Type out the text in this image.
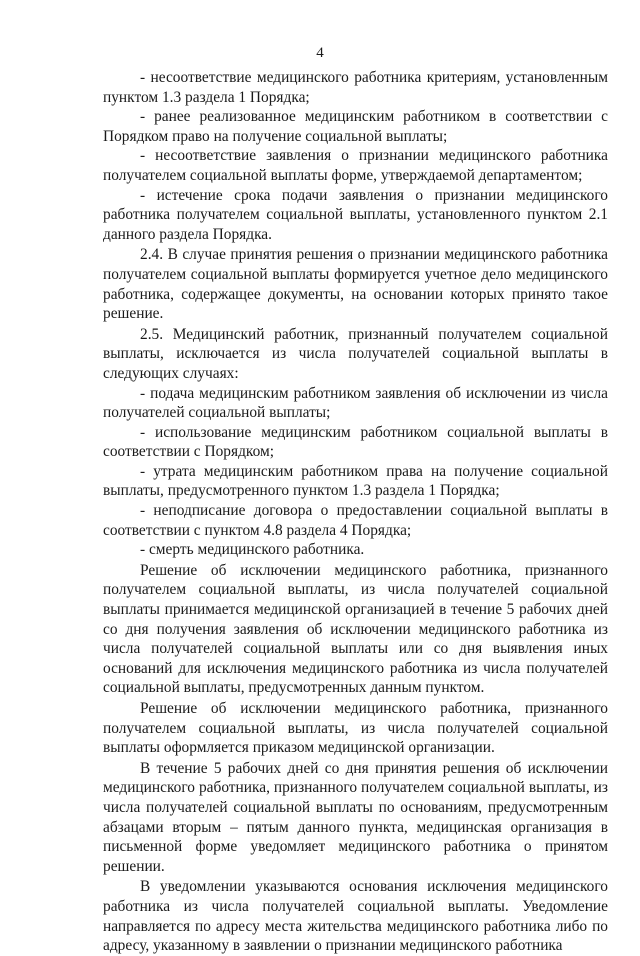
4

- несоответствие медицинского работника критериям, установленным пунктом 1.3 раздела 1 Порядка;

- ранее реализованное медицинским работником в соответствии с Порядком право на получение социальной выплаты;

- несоответствие заявления о признании медицинского работника получателем социальной выплаты форме, утверждаемой департаментом;

- истечение срока подачи заявления о признании медицинского работника получателем социальной выплаты, установленного пунктом 2.1 данного раздела Порядка.

2.4. В случае принятия решения о признании медицинского работника получателем социальной выплаты формируется учетное дело медицинского работника, содержащее документы, на основании которых принято такое решение.

2.5. Медицинский работник, признанный получателем социальной выплаты, исключается из числа получателей социальной выплаты в следующих случаях:

- подача медицинским работником заявления об исключении из числа получателей социальной выплаты;

- использование медицинским работником социальной выплаты в соответствии с Порядком;

- утрата медицинским работником права на получение социальной выплаты, предусмотренного пунктом 1.3 раздела 1 Порядка;

- неподписание договора о предоставлении социальной выплаты в соответствии с пунктом 4.8 раздела 4 Порядка;

- смерть медицинского работника.

Решение об исключении медицинского работника, признанного получателем социальной выплаты, из числа получателей социальной выплаты принимается медицинской организацией в течение 5 рабочих дней со дня получения заявления об исключении медицинского работника из числа получателей социальной выплаты или со дня выявления иных оснований для исключения медицинского работника из числа получателей социальной выплаты, предусмотренных данным пунктом.

Решение об исключении медицинского работника, признанного получателем социальной выплаты, из числа получателей социальной выплаты оформляется приказом медицинской организации.

В течение 5 рабочих дней со дня принятия решения об исключении медицинского работника, признанного получателем социальной выплаты, из числа получателей социальной выплаты по основаниям, предусмотренным абзацами вторым – пятым данного пункта, медицинская организация в письменной форме уведомляет медицинского работника о принятом решении.

В уведомлении указываются основания исключения медицинского работника из числа получателей социальной выплаты. Уведомление направляется по адресу места жительства медицинского работника либо по адресу, указанному в заявлении о признании медицинского работника
